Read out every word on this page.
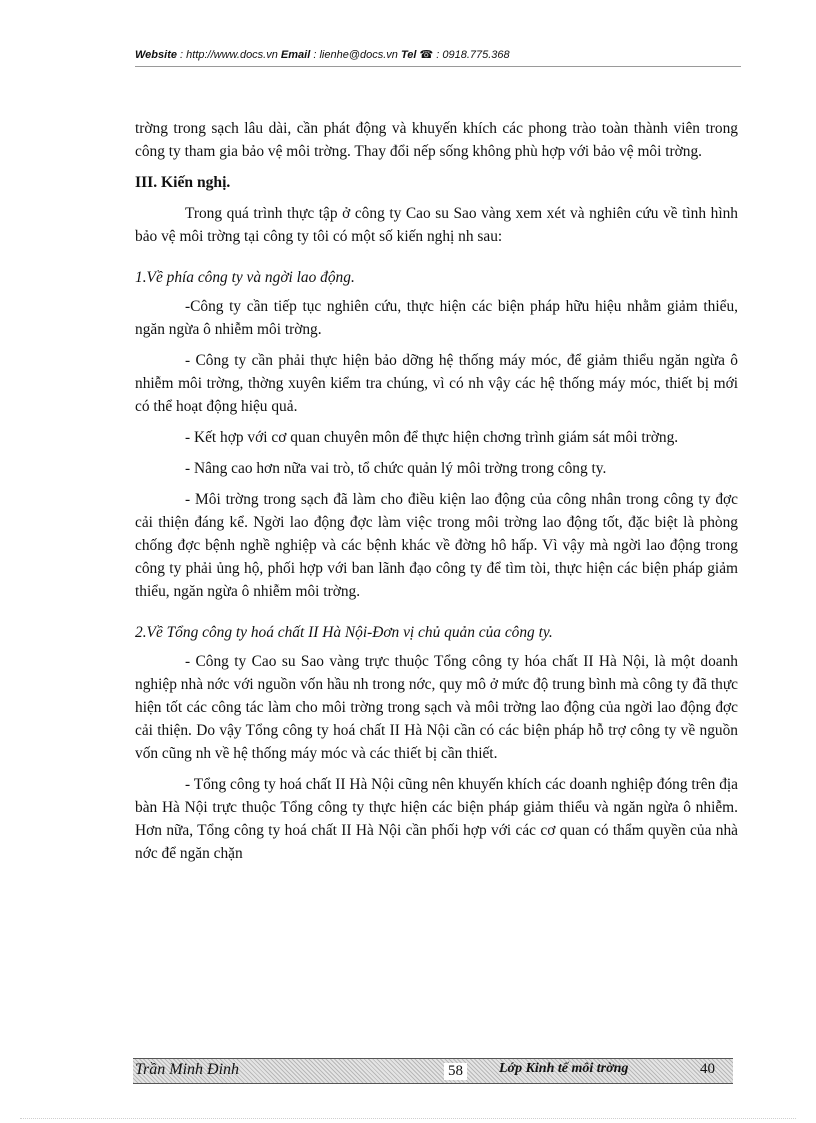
Website : http://www.docs.vn Email : lienhe@docs.vn Tel ☎ : 0918.775.368

trờng trong sạch lâu dài, cần phát động và khuyến khích các phong trào toàn thành viên trong công ty tham gia bảo vệ môi trờng. Thay đổi nếp sống không phù hợp với bảo vệ môi trờng.

III. Kiến nghị.

Trong quá trình thực tập ở công ty Cao su Sao vàng xem xét và nghiên cứu về tình hình bảo vệ môi trờng tại công ty tôi có một số kiến nghị nh sau:

1.Về phía công ty và ngời lao động.

-Công ty cần tiếp tục nghiên cứu, thực hiện các biện pháp hữu hiệu nhằm giảm thiểu, ngăn ngừa ô nhiễm môi trờng.

- Công ty cần phải thực hiện bảo dỡng hệ thống máy móc, để giảm thiểu ngăn ngừa ô nhiễm môi trờng, thờng xuyên kiểm tra chúng, vì có nh vậy các hệ thống máy móc, thiết bị mới có thể hoạt động hiệu quả.

- Kết hợp với cơ quan chuyên môn để thực hiện chơng trình giám sát môi trờng.

- Nâng cao hơn nữa vai trò, tổ chức quản lý môi trờng trong công ty.

- Môi trờng trong sạch đã làm cho điều kiện lao động của công nhân trong công ty đợc cải thiện đáng kể. Ngời lao động đợc làm việc trong môi trờng lao động tốt, đặc biệt là phòng chống đợc bệnh nghề nghiệp và các bệnh khác về đờng hô hấp. Vì vậy mà ngời lao động trong công ty phải ủng hộ, phối hợp với ban lãnh đạo công ty để tìm tòi, thực hiện các biện pháp giảm thiểu, ngăn ngừa ô nhiễm môi trờng.

2.Về Tổng công ty hoá chất II Hà Nội-Đơn vị chủ quản của công ty.

- Công ty Cao su Sao vàng trực thuộc Tổng công ty hóa chất II Hà Nội, là một doanh nghiệp nhà nớc với nguồn vốn hầu nh trong nớc, quy mô ở mức độ trung bình mà công ty đã thực hiện tốt các công tác làm cho môi trờng trong sạch và môi trờng lao động của ngời lao động đợc cải thiện. Do vậy Tổng công ty hoá chất II Hà Nội cần có các biện pháp hỗ trợ công ty về nguồn vốn cũng nh về hệ thống máy móc và các thiết bị cần thiết.

- Tổng công ty hoá chất II Hà Nội cũng nên khuyến khích các doanh nghiệp đóng trên địa bàn Hà Nội trực thuộc Tổng công ty thực hiện các biện pháp giảm thiểu và ngăn ngừa ô nhiễm. Hơn nữa, Tổng công ty hoá chất II Hà Nội cần phối hợp với các cơ quan có thẩm quyền của nhà nớc để ngăn chặn

Trần Minh Đinh	58	Lớp Kinh tế môi trờng	40
